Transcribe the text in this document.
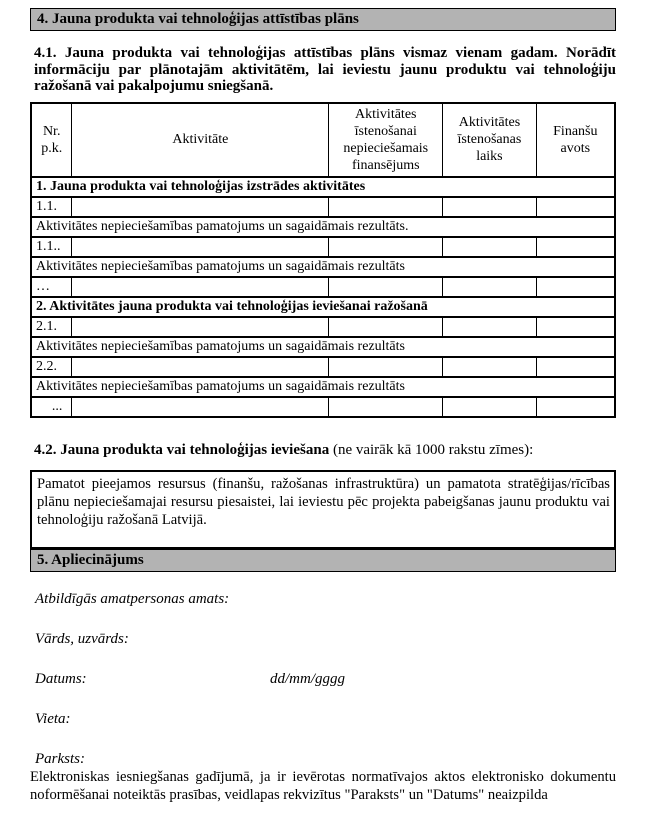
4. Jauna produkta vai tehnoloģijas attīstības plāns

4.1. Jauna produkta vai tehnoloģijas attīstības plāns vismaz vienam gadam. Norādīt informāciju par plānotajām aktivitātēm, lai ieviestu jaunu produktu vai tehnoloģiju ražošanā vai pakalpojumu sniegšanā.

Nr. p.k.	Aktivitāte	Aktivitātes īstenošanai nepieciešamais finansējums	Aktivitātes īstenošanas laiks	Finanšu avots
1. Jauna produkta vai tehnoloģijas izstrādes aktivitātes				
1.1.				
Aktivitātes nepieciešamības pamatojums un sagaidāmais rezultāts.				
1.1..				
Aktivitātes nepieciešamības pamatojums un sagaidāmais rezultāts				
…				
2. Aktivitātes jauna produkta vai tehnoloģijas ieviešanai ražošanā				
2.1.				
Aktivitātes nepieciešamības pamatojums un sagaidāmais rezultāts				
2.2.				
Aktivitātes nepieciešamības pamatojums un sagaidāmais rezultāts				
...				

4.2. Jauna produkta vai tehnoloģijas ieviešana (ne vairāk kā 1000 rakstu zīmes):

Pamatot pieejamos resursus (finanšu, ražošanas infrastruktūra) un pamatota stratēģijas/rīcības plānu nepieciešamajai resursu piesaistei, lai ieviestu pēc projekta pabeigšanas jaunu produktu vai tehnoloģiju ražošanā Latvijā.
5. Apliecinājums
Atbildīgās amatpersonas amats:
Vārds, uzvārds:
Datums:	dd/mm/gggg
Vieta:
Parksts:

Elektroniskas iesniegšanas gadījumā, ja ir ievērotas normatīvajos aktos elektronisko dokumentu noformēšanai noteiktās prasības, veidlapas rekvizītus "Paraksts" un "Datums" neaizpilda
